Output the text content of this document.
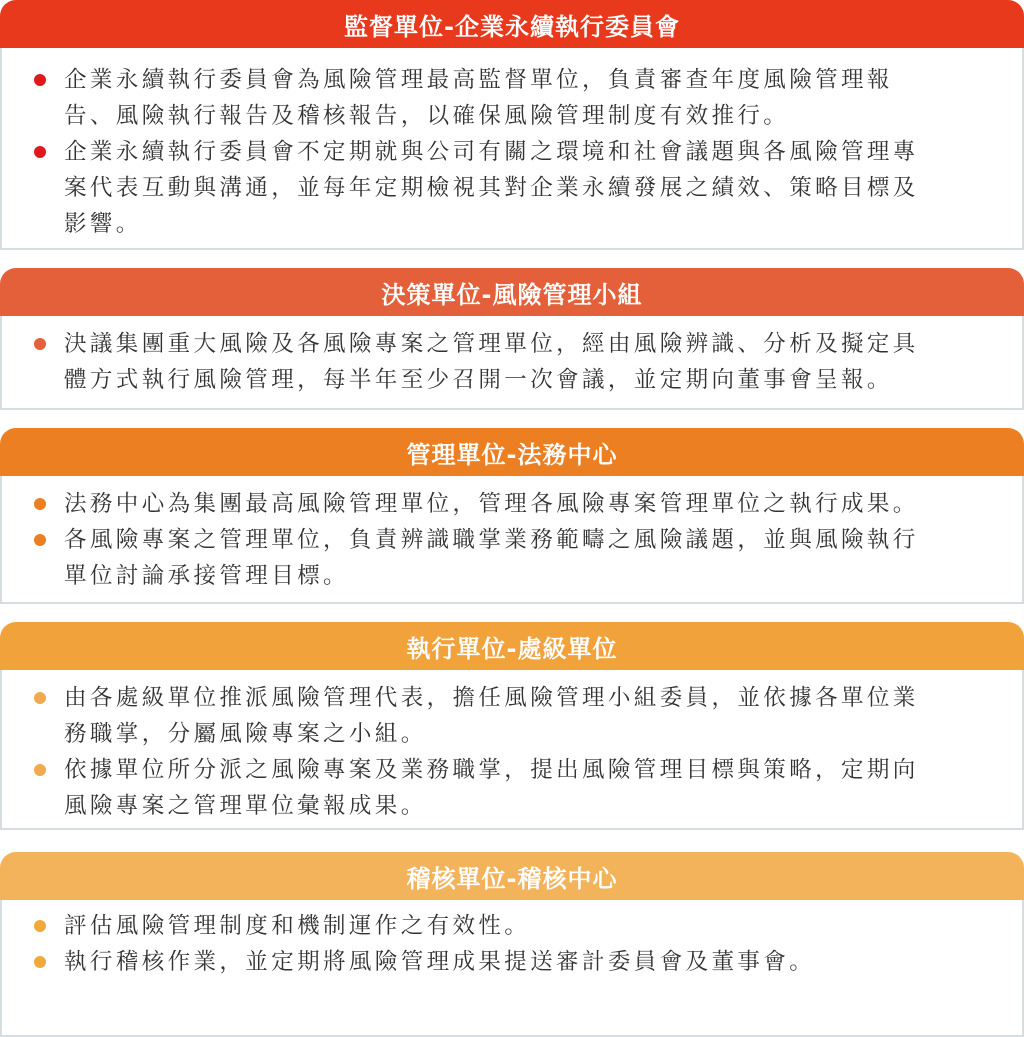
監督單位-企業永續執行委員會
企業永續執行委員會為風險管理最高監督單位，負責審查年度風險管理報
告、風險執行報告及稽核報告，以確保風險管理制度有效推行。
企業永續執行委員會不定期就與公司有關之環境和社會議題與各風險管理專
案代表互動與溝通，並每年定期檢視其對企業永續發展之績效、策略目標及
影響。
決策單位-風險管理小組
決議集團重大風險及各風險專案之管理單位，經由風險辨識、分析及擬定具
體方式執行風險管理，每半年至少召開一次會議，並定期向董事會呈報。
管理單位-法務中心
法務中心為集團最高風險管理單位，管理各風險專案管理單位之執行成果。
各風險專案之管理單位，負責辨識職掌業務範疇之風險議題，並與風險執行
單位討論承接管理目標。
執行單位-處級單位
由各處級單位推派風險管理代表，擔任風險管理小組委員，並依據各單位業
務職掌，分屬風險專案之小組。
依據單位所分派之風險專案及業務職掌，提出風險管理目標與策略，定期向
風險專案之管理單位彙報成果。
稽核單位-稽核中心
評估風險管理制度和機制運作之有效性。
執行稽核作業，並定期將風險管理成果提送審計委員會及董事會。
